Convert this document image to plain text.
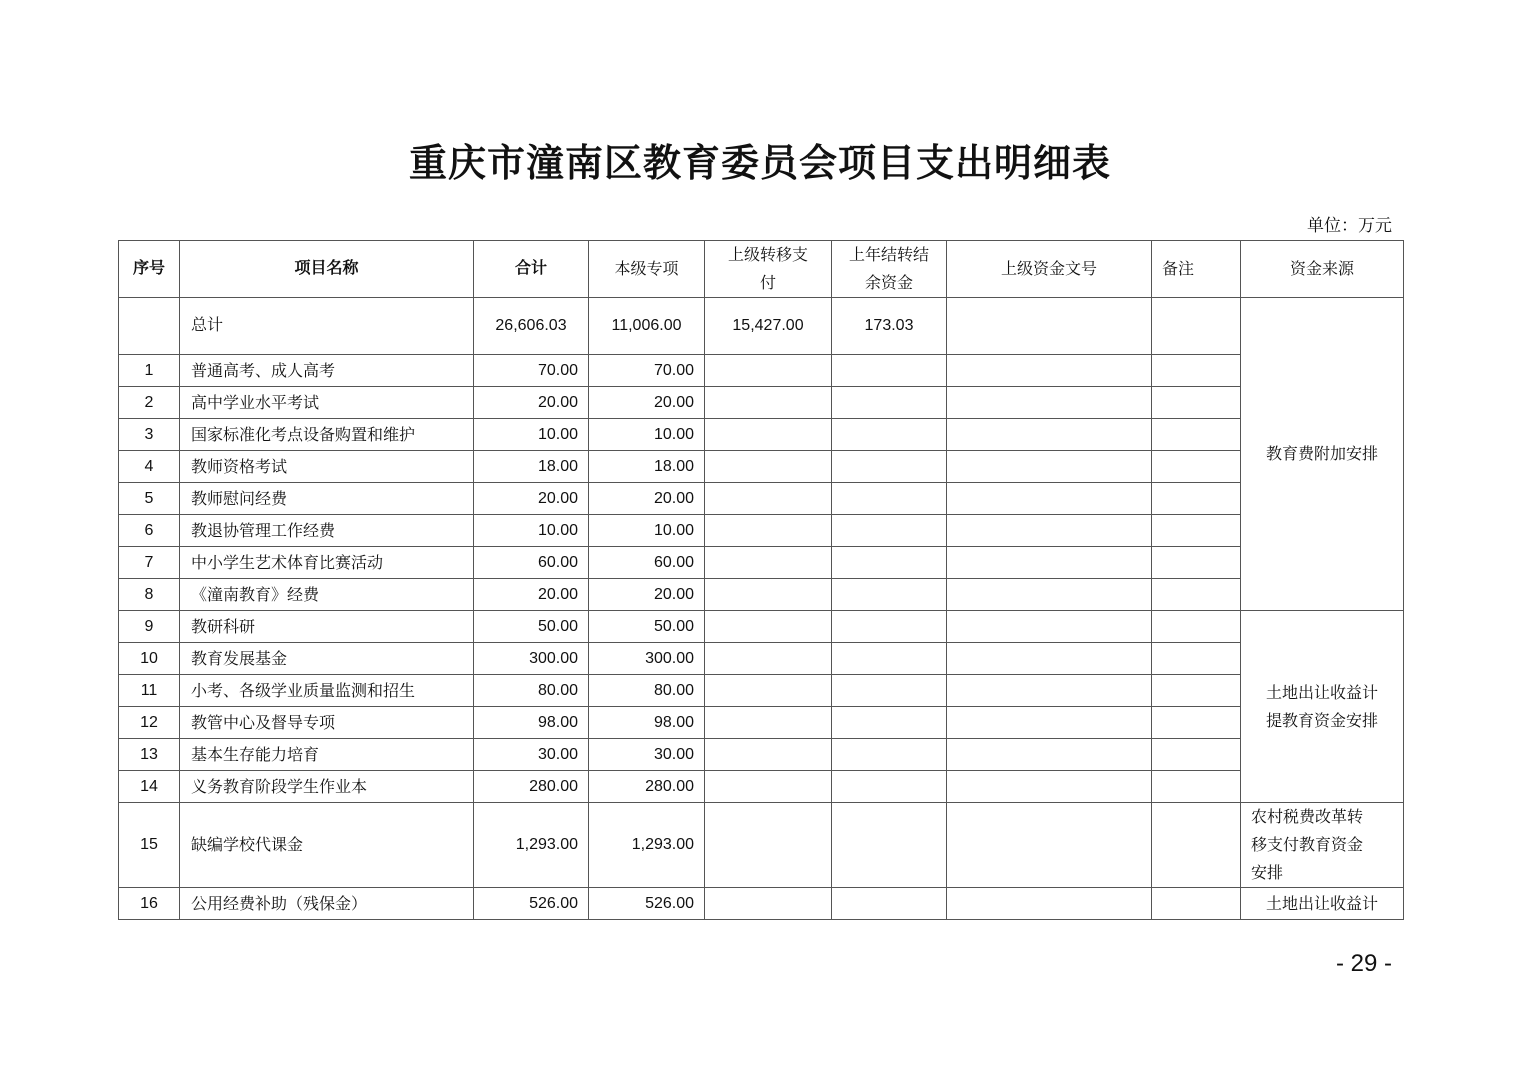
重庆市潼南区教育委员会项目支出明细表
单位：万元
序号	项目名称	合计	本级专项	上级转移支
付	上年结转结
余资金	上级资金文号	备注	资金来源
	总计	26,606.03	11,006.00	15,427.00	173.03			教育费附加安排
1	普通高考、成人高考	70.00	70.00					
2	高中学业水平考试	20.00	20.00					
3	国家标准化考点设备购置和维护	10.00	10.00					
4	教师资格考试	18.00	18.00					
5	教师慰问经费	20.00	20.00					
6	教退协管理工作经费	10.00	10.00					
7	中小学生艺术体育比赛活动	60.00	60.00					
8	《潼南教育》经费	20.00	20.00					
9	教研科研	50.00	50.00					土地出让收益计
提教育资金安排
10	教育发展基金	300.00	300.00					
11	小考、各级学业质量监测和招生	80.00	80.00					
12	教管中心及督导专项	98.00	98.00					
13	基本生存能力培育	30.00	30.00					
14	义务教育阶段学生作业本	280.00	280.00					
15	缺编学校代课金	1,293.00	1,293.00					农村税费改革转
移支付教育资金
安排
16	公用经费补助（残保金）	526.00	526.00					土地出让收益计
- 29 -
